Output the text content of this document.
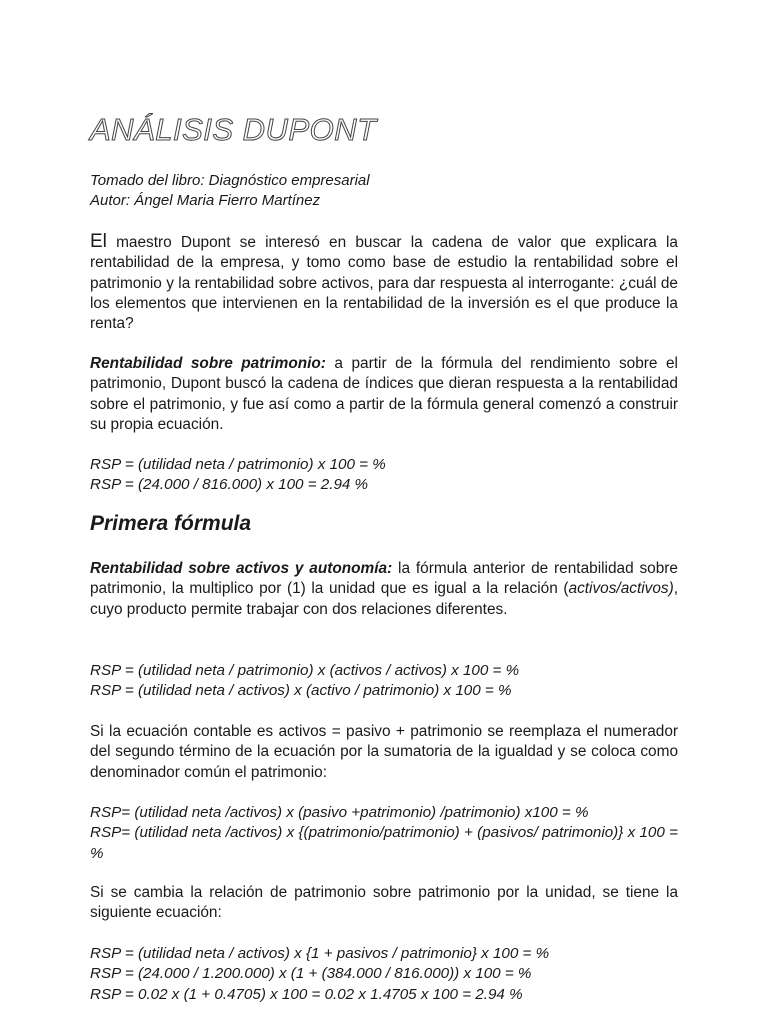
ANÁLISIS DUPONT
Tomado del libro: Diagnóstico empresarial
Autor: Ángel Maria Fierro Martínez

El maestro Dupont se interesó en buscar la cadena de valor que explicara la rentabilidad de la empresa, y tomo como base de estudio la rentabilidad sobre el patrimonio y la rentabilidad sobre activos, para dar respuesta al interrogante: ¿cuál de los elementos que intervienen en la rentabilidad de la inversión es el que produce la renta?

Rentabilidad sobre patrimonio: a partir de la fórmula del rendimiento sobre el patrimonio, Dupont buscó la cadena de índices que dieran respuesta a la rentabilidad sobre el patrimonio, y fue así como a partir de la fórmula general comenzó a construir su propia ecuación.

RSP = (utilidad neta / patrimonio) x 100 = %
RSP = (24.000 / 816.000) x 100 = 2.94 %
Primera fórmula

Rentabilidad sobre activos y autonomía: la fórmula anterior de rentabilidad sobre patrimonio, la multiplico por (1) la unidad que es igual a la relación (activos/activos), cuyo producto permite trabajar con dos relaciones diferentes.

RSP = (utilidad neta / patrimonio) x (activos / activos) x 100 = %
RSP = (utilidad neta / activos) x (activo / patrimonio) x 100 = %

Si la ecuación contable es activos = pasivo + patrimonio se reemplaza el numerador del segundo término de la ecuación por la sumatoria de la igualdad y se coloca como denominador común el patrimonio:

RSP= (utilidad neta /activos) x (pasivo +patrimonio) /patrimonio) x100 = %
RSP= (utilidad neta /activos) x {(patrimonio/patrimonio) + (pasivos/ patrimonio)} x 100 = %

Si se cambia la relación de patrimonio sobre patrimonio por la unidad, se tiene la siguiente ecuación:

RSP = (utilidad neta / activos) x {1 + pasivos / patrimonio} x 100 = %
RSP = (24.000 / 1.200.000) x (1 + (384.000 / 816.000)) x 100 = %
RSP = 0.02 x (1 + 0.4705) x 100 = 0.02 x 1.4705 x 100 = 2.94 %
